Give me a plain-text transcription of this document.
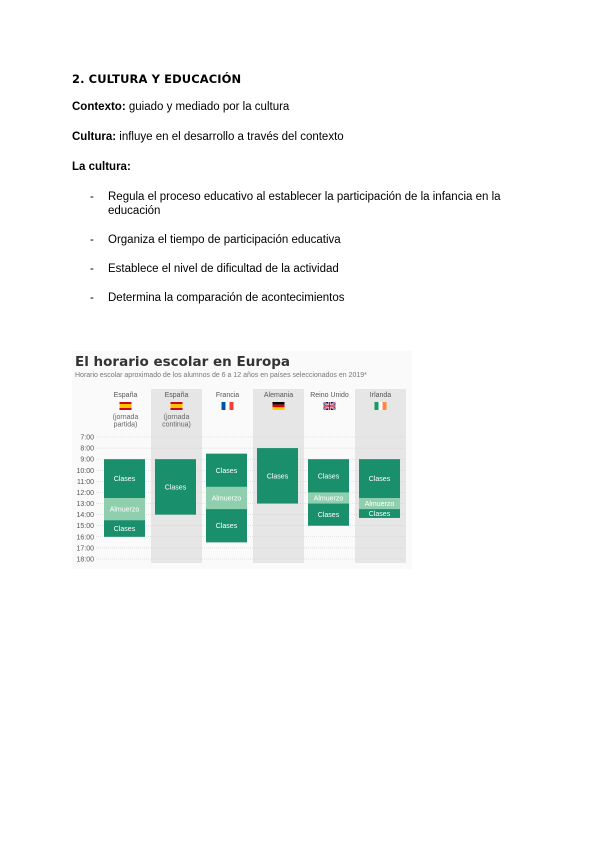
2. CULTURA Y EDUCACIÓN
Contexto: guiado y mediado por la cultura
Cultura: influye en el desarrollo a través del contexto
La cultura:
- Regula el proceso educativo al establecer la participación de la infancia en la educación
- Organiza el tiempo de participación educativa
- Establece el nivel de dificultad de la actividad
- Determina la comparación de acontecimientos
El horario escolar en Europa
Horario escolar aproximado de los alumnos de 6 a 12 años en países seleccionados en 2019*
7:00
8:00
9:00
10:00
11:00
12:00
13:00
14:00
15:00
16:00
17:00
18:00
España
(jornada
partida)
Clases
Almuerzo
Clases
España
(jornada
continua)
Clases
Francia
Clases
Almuerzo
Clases
Alemania
Clases
Reino Unido
Clases
Almuerzo
Clases
Irlanda
Clases
Almuerzo
Clases
